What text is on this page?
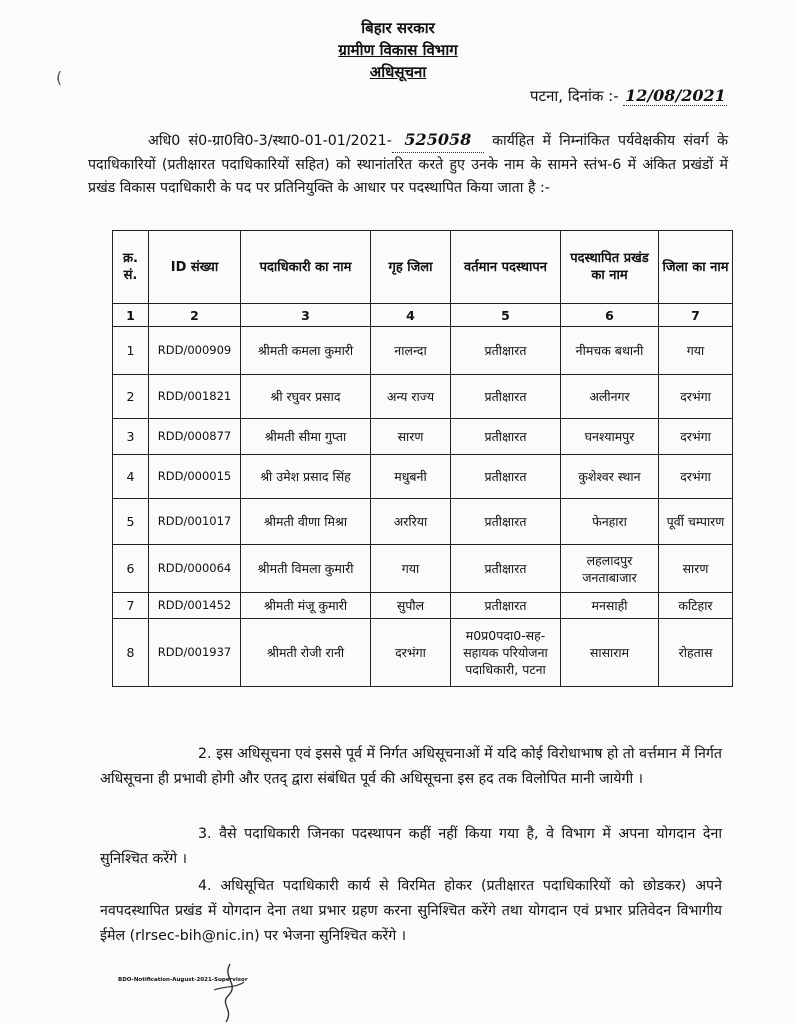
(
बिहार सरकार
ग्रामीण विकास विभाग
अधिसूचना
पटना, दिनांक :- 12/08/2021
अधि0 सं0-ग्रा0वि0-3/स्था0-01-01/2021- 525058 कार्यहित में निम्नांकित पर्यवेक्षकीय संवर्ग के पदाधिकारियों (प्रतीक्षारत पदाधिकारियों सहित) को स्थानांतरित करते हुए उनके नाम के सामने स्तंभ-6 में अंकित प्रखंडों में प्रखंड विकास पदाधिकारी के पद पर प्रतिनियुक्ति के आधार पर पदस्थापित किया जाता है :-
क्र. सं.	ID संख्या	पदाधिकारी का नाम	गृह जिला	वर्तमान पदस्थापन	पदस्थापित प्रखंड का नाम	जिला का नाम
1	2	3	4	5	6	7
1	RDD/000909	श्रीमती कमला कुमारी	नालन्दा	प्रतीक्षारत	नीमचक बथानी	गया
2	RDD/001821	श्री रघुवर प्रसाद	अन्य राज्य	प्रतीक्षारत	अलीनगर	दरभंगा
3	RDD/000877	श्रीमती सीमा गुप्ता	सारण	प्रतीक्षारत	घनश्यामपुर	दरभंगा
4	RDD/000015	श्री उमेश प्रसाद सिंह	मधुबनी	प्रतीक्षारत	कुशेश्वर स्थान	दरभंगा
5	RDD/001017	श्रीमती वीणा मिश्रा	अररिया	प्रतीक्षारत	फेनहारा	पूर्वी चम्पारण
6	RDD/000064	श्रीमती विमला कुमारी	गया	प्रतीक्षारत	लहलादपुर जनताबाजार	सारण
7	RDD/001452	श्रीमती मंजू कुमारी	सुपौल	प्रतीक्षारत	मनसाही	कटिहार
8	RDD/001937	श्रीमती रोजी रानी	दरभंगा	म0प्र0पदा0-सह-सहायक परियोजना पदाधिकारी, पटना	सासाराम	रोहतास
2. इस अधिसूचना एवं इससे पूर्व में निर्गत अधिसूचनाओं में यदि कोई विरोधाभाष हो तो वर्त्तमान में निर्गत अधिसूचना ही प्रभावी होगी और एतद् द्वारा संबंधित पूर्व की अधिसूचना इस हद तक विलोपित मानी जायेगी ।
3. वैसे पदाधिकारी जिनका पदस्थापन कहीं नहीं किया गया है, वे विभाग में अपना योगदान देना सुनिश्चित करेंगे ।
4. अधिसूचित पदाधिकारी कार्य से विरमित होकर (प्रतीक्षारत पदाधिकारियों को छोडकर) अपने नवपदस्थापित प्रखंड में योगदान देना तथा प्रभार ग्रहण करना सुनिश्चित करेंगे तथा योगदान एवं प्रभार प्रतिवेदन विभागीय ईमेल (rlrsec-bih@nic.in) पर भेजना सुनिश्चित करेंगे ।
BDO-Notification-August-2021-Supervisor
